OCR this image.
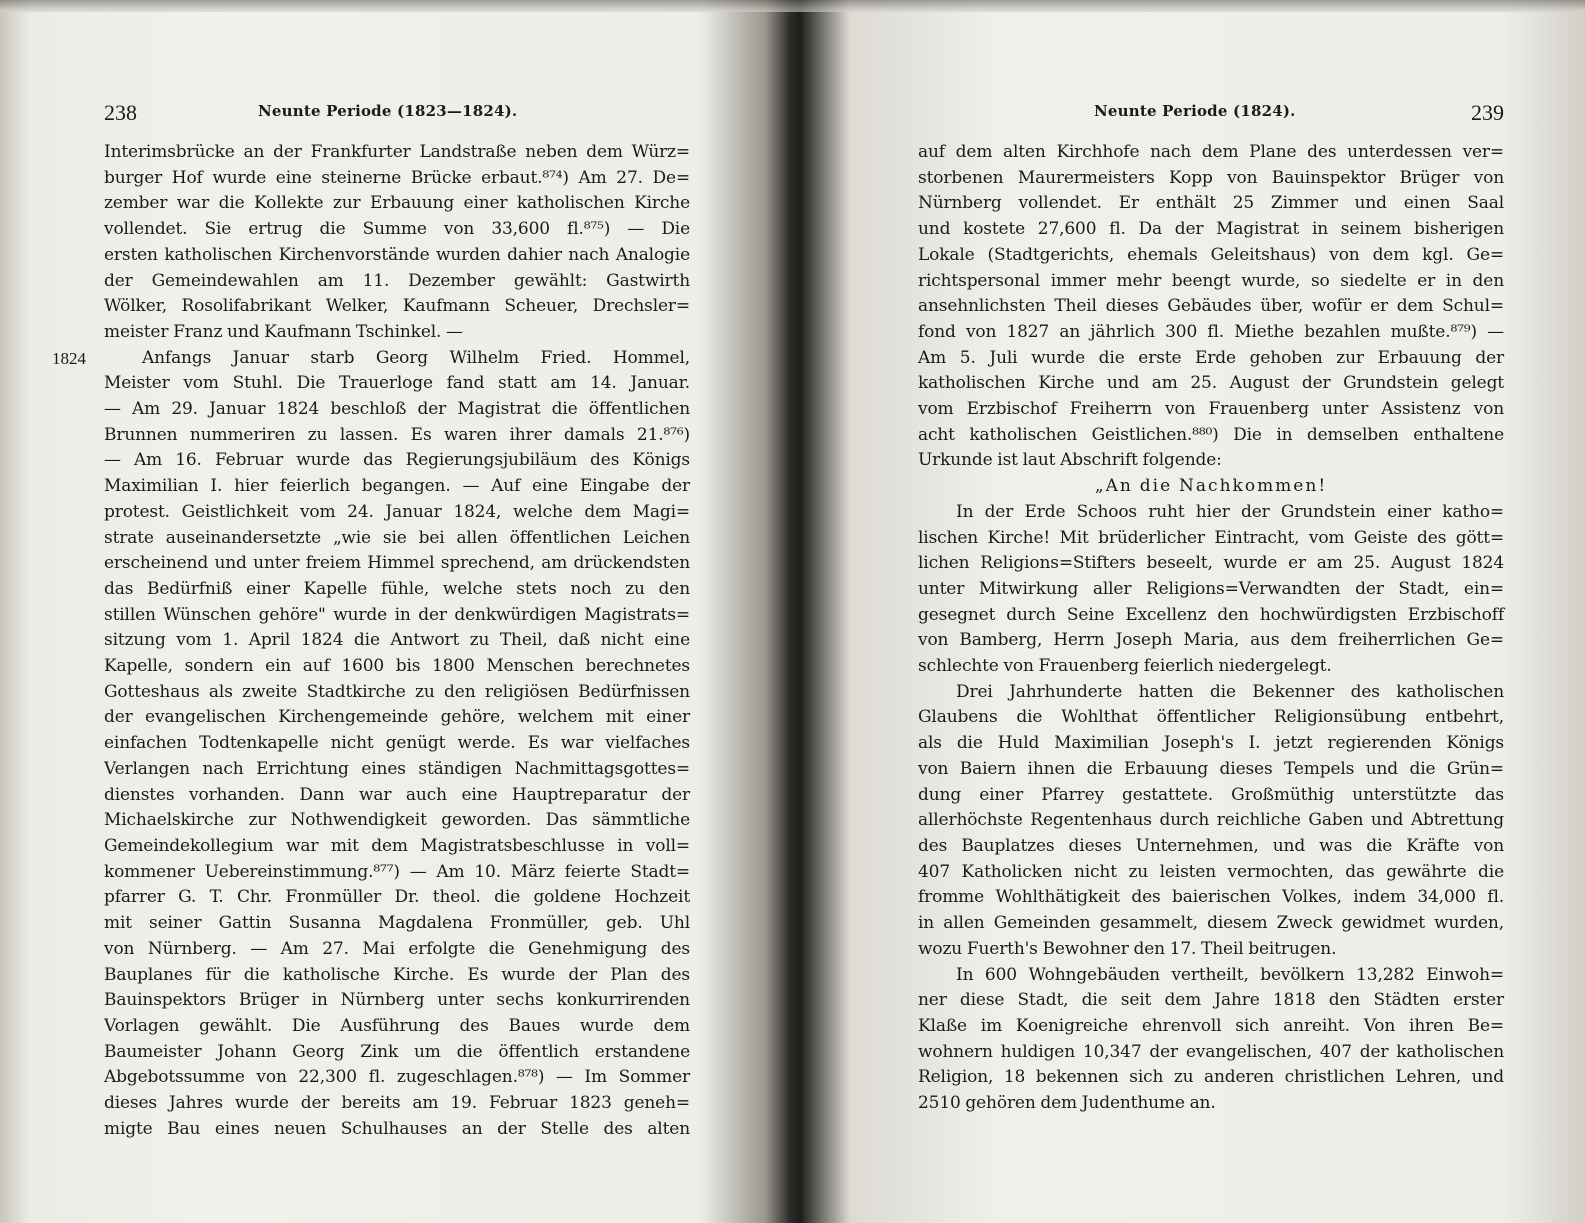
238	Neunte Periode (1823—1824).
Interimsbrücke an der Frankfurter Landstraße neben dem Würz=
burger Hof wurde eine steinerne Brücke erbaut.⁸⁷⁴) Am 27. De=
zember war die Kollekte zur Erbauung einer katholischen Kirche
vollendet. Sie ertrug die Summe von 33,600 fl.⁸⁷⁵) — Die
ersten katholischen Kirchenvorstände wurden dahier nach Analogie
der Gemeindewahlen am 11. Dezember gewählt: Gastwirth
Wölker, Rosolifabrikant Welker, Kaufmann Scheuer, Drechsler=
meister Franz und Kaufmann Tschinkel. —
1824	Anfangs Januar starb Georg Wilhelm Fried. Hommel,
Meister vom Stuhl. Die Trauerloge fand statt am 14. Januar.
— Am 29. Januar 1824 beschloß der Magistrat die öffentlichen
Brunnen nummeriren zu lassen. Es waren ihrer damals 21.⁸⁷⁶)
— Am 16. Februar wurde das Regierungsjubiläum des Königs
Maximilian I. hier feierlich begangen. — Auf eine Eingabe der
protest. Geistlichkeit vom 24. Januar 1824, welche dem Magi=
strate auseinandersetzte „wie sie bei allen öffentlichen Leichen
erscheinend und unter freiem Himmel sprechend, am drückendsten
das Bedürfniß einer Kapelle fühle, welche stets noch zu den
stillen Wünschen gehöre" wurde in der denkwürdigen Magistrats=
sitzung vom 1. April 1824 die Antwort zu Theil, daß nicht eine
Kapelle, sondern ein auf 1600 bis 1800 Menschen berechnetes
Gotteshaus als zweite Stadtkirche zu den religiösen Bedürfnissen
der evangelischen Kirchengemeinde gehöre, welchem mit einer
einfachen Todtenkapelle nicht genügt werde. Es war vielfaches
Verlangen nach Errichtung eines ständigen Nachmittagsgottes=
dienstes vorhanden. Dann war auch eine Hauptreparatur der
Michaelskirche zur Nothwendigkeit geworden. Das sämmtliche
Gemeindekollegium war mit dem Magistratsbeschlusse in voll=
kommener Uebereinstimmung.⁸⁷⁷) — Am 10. März feierte Stadt=
pfarrer G. T. Chr. Fronmüller Dr. theol. die goldene Hochzeit
mit seiner Gattin Susanna Magdalena Fronmüller, geb. Uhl
von Nürnberg. — Am 27. Mai erfolgte die Genehmigung des
Bauplanes für die katholische Kirche. Es wurde der Plan des
Bauinspektors Brüger in Nürnberg unter sechs konkurrirenden
Vorlagen gewählt. Die Ausführung des Baues wurde dem
Baumeister Johann Georg Zink um die öffentlich erstandene
Abgebotssumme von 22,300 fl. zugeschlagen.⁸⁷⁸) — Im Sommer
dieses Jahres wurde der bereits am 19. Februar 1823 geneh=
migte Bau eines neuen Schulhauses an der Stelle des alten
Neunte Periode (1824).	239
auf dem alten Kirchhofe nach dem Plane des unterdessen ver=
storbenen Maurermeisters Kopp von Bauinspektor Brüger von
Nürnberg vollendet. Er enthält 25 Zimmer und einen Saal
und kostete 27,600 fl. Da der Magistrat in seinem bisherigen
Lokale (Stadtgerichts, ehemals Geleitshaus) von dem kgl. Ge=
richtspersonal immer mehr beengt wurde, so siedelte er in den
ansehnlichsten Theil dieses Gebäudes über, wofür er dem Schul=
fond von 1827 an jährlich 300 fl. Miethe bezahlen mußte.⁸⁷⁹) —
Am 5. Juli wurde die erste Erde gehoben zur Erbauung der
katholischen Kirche und am 25. August der Grundstein gelegt
vom Erzbischof Freiherrn von Frauenberg unter Assistenz von
acht katholischen Geistlichen.⁸⁸⁰) Die in demselben enthaltene
Urkunde ist laut Abschrift folgende:
„An die Nachkommen!
In der Erde Schoos ruht hier der Grundstein einer katho=
lischen Kirche! Mit brüderlicher Eintracht, vom Geiste des gött=
lichen Religions=Stifters beseelt, wurde er am 25. August 1824
unter Mitwirkung aller Religions=Verwandten der Stadt, ein=
gesegnet durch Seine Excellenz den hochwürdigsten Erzbischoff
von Bamberg, Herrn Joseph Maria, aus dem freiherrlichen Ge=
schlechte von Frauenberg feierlich niedergelegt.
Drei Jahrhunderte hatten die Bekenner des katholischen
Glaubens die Wohlthat öffentlicher Religionsübung entbehrt,
als die Huld Maximilian Joseph's I. jetzt regierenden Königs
von Baiern ihnen die Erbauung dieses Tempels und die Grün=
dung einer Pfarrey gestattete. Großmüthig unterstützte das
allerhöchste Regentenhaus durch reichliche Gaben und Abtrettung
des Bauplatzes dieses Unternehmen, und was die Kräfte von
407 Katholicken nicht zu leisten vermochten, das gewährte die
fromme Wohlthätigkeit des baierischen Volkes, indem 34,000 fl.
in allen Gemeinden gesammelt, diesem Zweck gewidmet wurden,
wozu Fuerth's Bewohner den 17. Theil beitrugen.
In 600 Wohngebäuden vertheilt, bevölkern 13,282 Einwoh=
ner diese Stadt, die seit dem Jahre 1818 den Städten erster
Klaße im Koenigreiche ehrenvoll sich anreiht. Von ihren Be=
wohnern huldigen 10,347 der evangelischen, 407 der katholischen
Religion, 18 bekennen sich zu anderen christlichen Lehren, und
2510 gehören dem Judenthume an.
